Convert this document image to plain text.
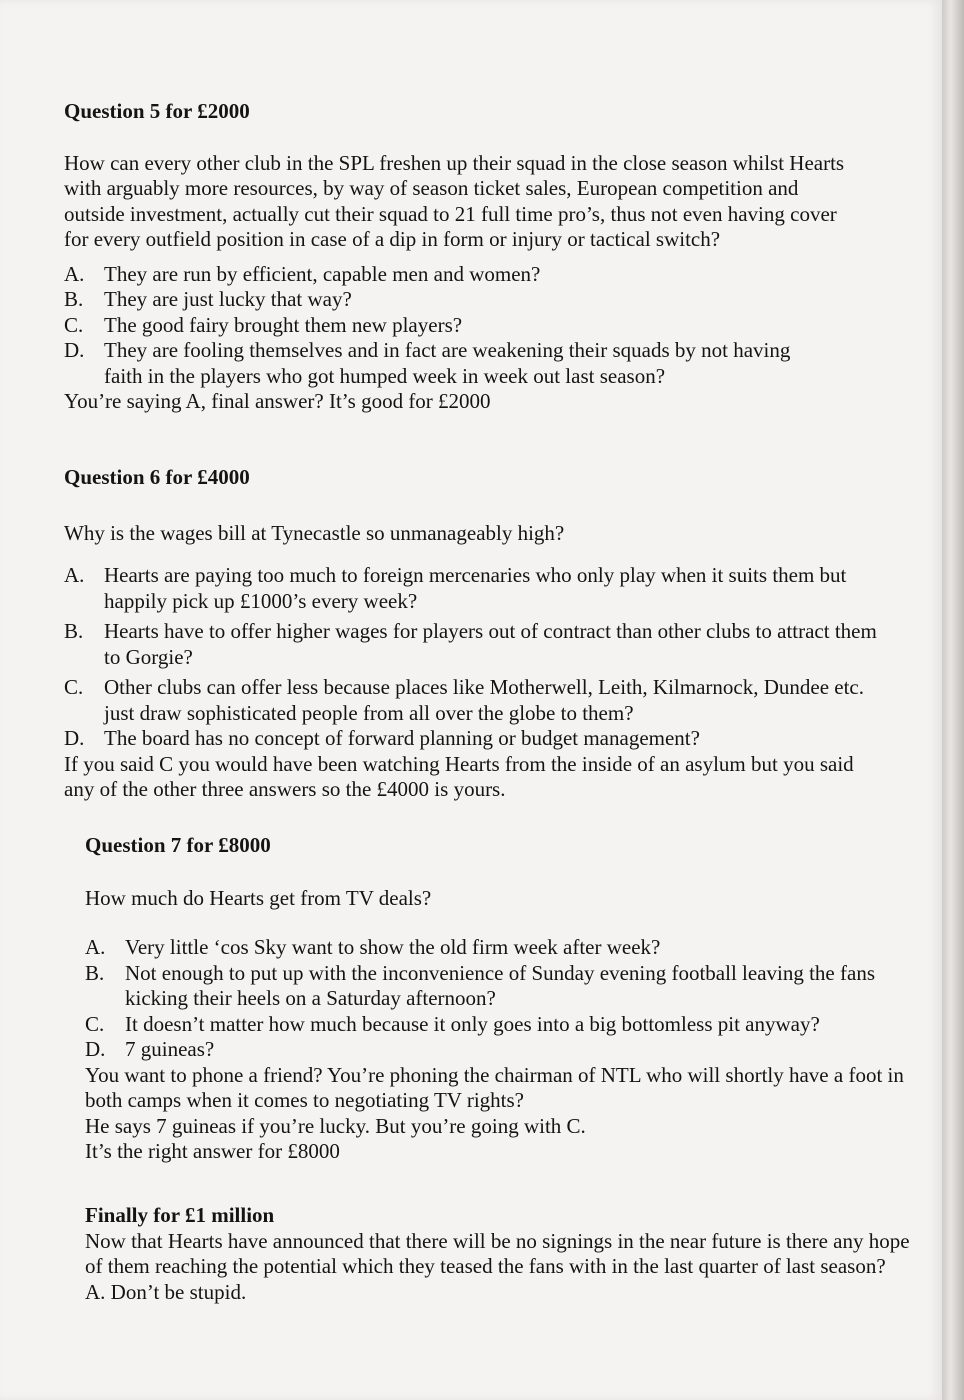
Question 5 for £2000

How can every other club in the SPL freshen up their squad in the close season whilst Hearts with arguably more resources, by way of season ticket sales, European competition and outside investment, actually cut their squad to 21 full time pro’s, thus not even having cover for every outfield position in case of a dip in form or injury or tactical switch?

A. They are run by efficient, capable men and women?
B. They are just lucky that way?
C. The good fairy brought them new players?
D. They are fooling themselves and in fact are weakening their squads by not having faith in the players who got humped week in week out last season?

You’re saying A, final answer? It’s good for £2000

Question 6 for £4000

Why is the wages bill at Tynecastle so unmanageably high?

A. Hearts are paying too much to foreign mercenaries who only play when it suits them but happily pick up £1000’s every week?
B. Hearts have to offer higher wages for players out of contract than other clubs to attract them to Gorgie?
C. Other clubs can offer less because places like Motherwell, Leith, Kilmarnock, Dundee etc. just draw sophisticated people from all over the globe to them?
D. The board has no concept of forward planning or budget management?

If you said C you would have been watching Hearts from the inside of an asylum but you said any of the other three answers so the £4000 is yours.

Question 7 for £8000

How much do Hearts get from TV deals?

A. Very little ‘cos Sky want to show the old firm week after week?
B. Not enough to put up with the inconvenience of Sunday evening football leaving the fans kicking their heels on a Saturday afternoon?
C. It doesn’t matter how much because it only goes into a big bottomless pit anyway?
D. 7 guineas?

You want to phone a friend? You’re phoning the chairman of NTL who will shortly have a foot in both camps when it comes to negotiating TV rights?

He says 7 guineas if you’re lucky. But you’re going with C.

It’s the right answer for £8000

Finally for £1 million

Now that Hearts have announced that there will be no signings in the near future is there any hope of them reaching the potential which they teased the fans with in the last quarter of last season?

A. Don’t be stupid.
